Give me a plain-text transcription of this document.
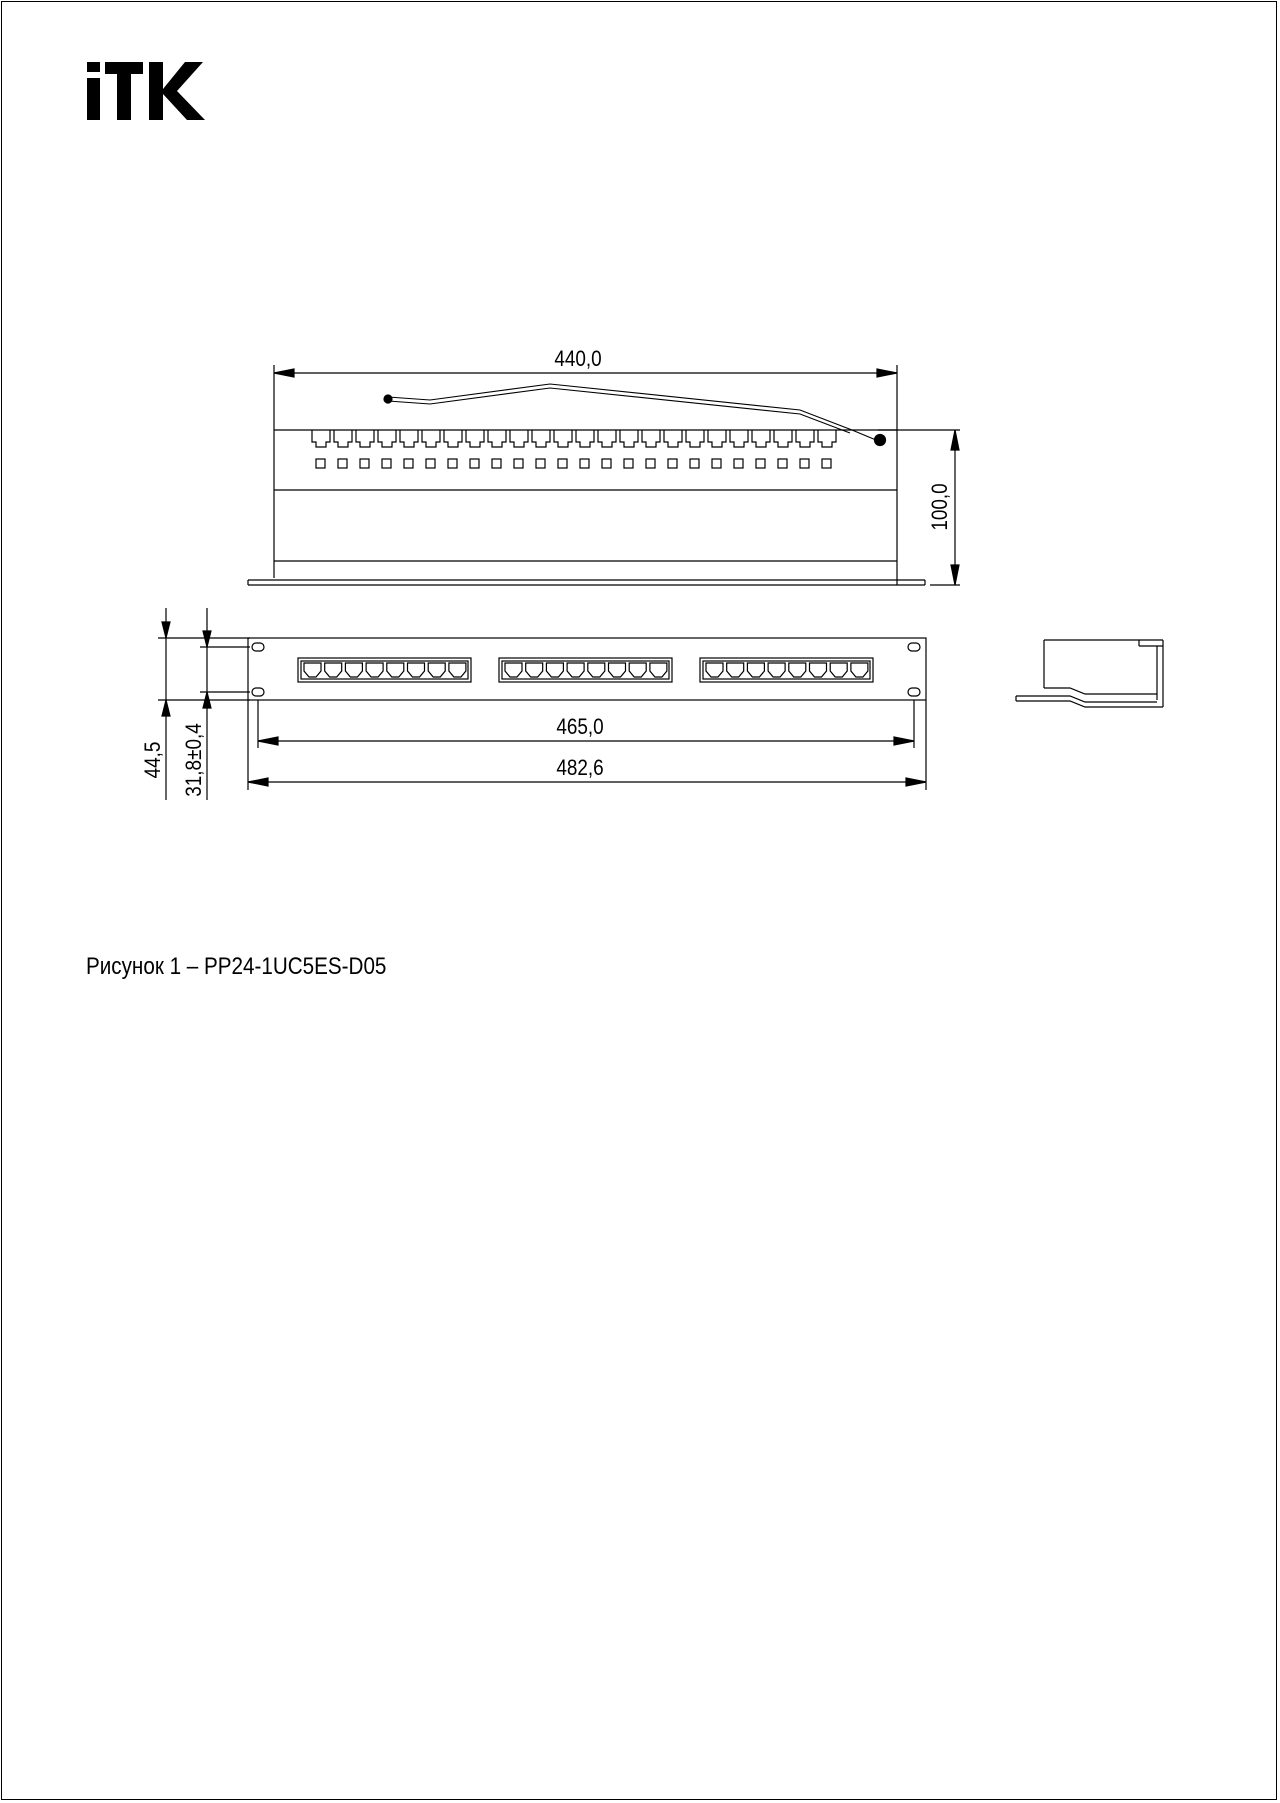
440,0
100,0
44,5 31,8±0,4	465,0
482,6
Рисунок 1 – PP24-1UC5ES-D05
